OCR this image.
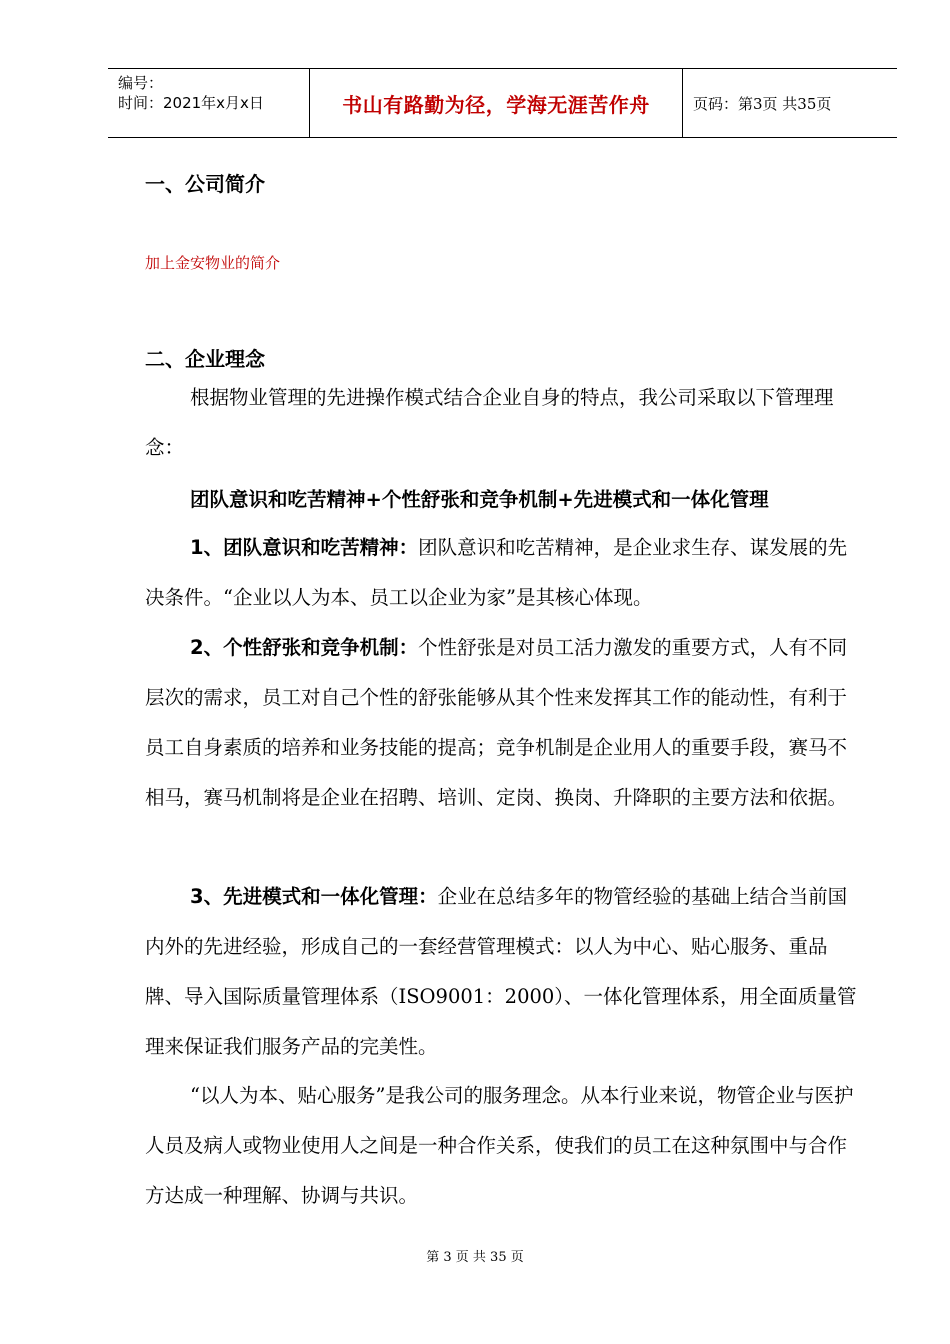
编号：
时间：2021年x月x日	书山有路勤为径，学海无涯苦作舟	页码：第3页 共35页
一、公司简介
加上金安物业的简介
二、企业理念
根据物业管理的先进操作模式结合企业自身的特点，我公司采取以下管理理念：
团队意识和吃苦精神+个性舒张和竞争机制+先进模式和一体化管理
1、团队意识和吃苦精神：团队意识和吃苦精神，是企业求生存、谋发展的先决条件。“企业以人为本、员工以企业为家”是其核心体现。
2、个性舒张和竞争机制：个性舒张是对员工活力激发的重要方式，人有不同层次的需求，员工对自己个性的舒张能够从其个性来发挥其工作的能动性，有利于员工自身素质的培养和业务技能的提高；竞争机制是企业用人的重要手段，赛马不相马，赛马机制将是企业在招聘、培训、定岗、换岗、升降职的主要方法和依据。
3、先进模式和一体化管理：企业在总结多年的物管经验的基础上结合当前国内外的先进经验，形成自己的一套经营管理模式：以人为中心、贴心服务、重品牌、导入国际质量管理体系（ISO9001：2000）、一体化管理体系，用全面质量管理来保证我们服务产品的完美性。
“以人为本、贴心服务”是我公司的服务理念。从本行业来说，物管企业与医护人员及病人或物业使用人之间是一种合作关系，使我们的员工在这种氛围中与合作方达成一种理解、协调与共识。
第 3 页 共 35 页
